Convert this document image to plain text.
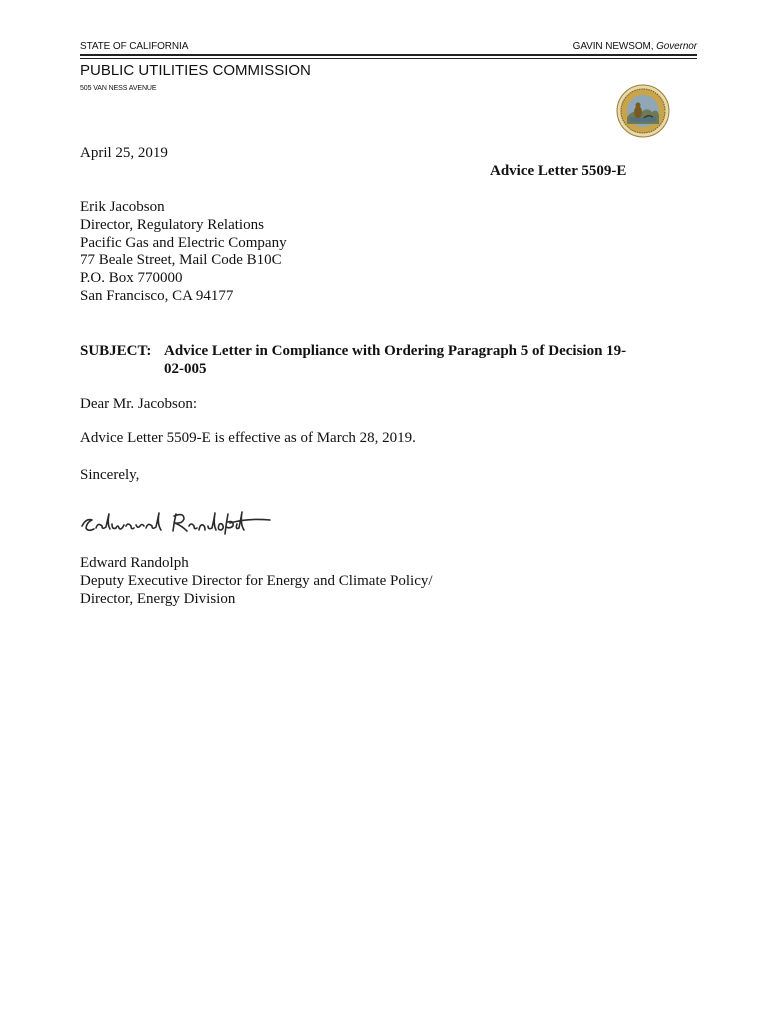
STATE OF CALIFORNIA	GAVIN NEWSOM, Governor
PUBLIC UTILITIES COMMISSION
505 VAN NESS AVENUE
April 25, 2019
Advice Letter 5509-E
Erik Jacobson
Director, Regulatory Relations
Pacific Gas and Electric Company
77 Beale Street, Mail Code B10C
P.O. Box 770000
San Francisco, CA 94177
SUBJECT: Advice Letter in Compliance with Ordering Paragraph 5 of Decision 19-02-005
Dear Mr. Jacobson:
Advice Letter 5509-E is effective as of March 28, 2019.
Sincerely,
Edward Randolph
Deputy Executive Director for Energy and Climate Policy/
Director, Energy Division
